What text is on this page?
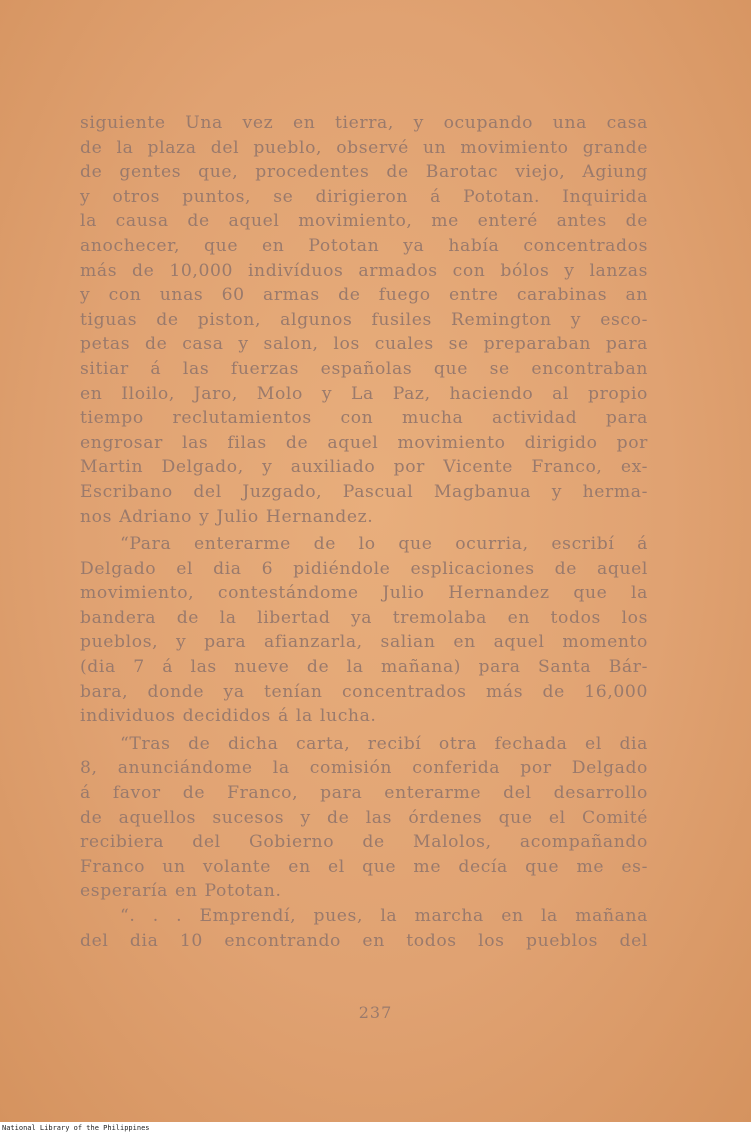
siguiente Una vez en tierra, y ocupando una casa
de la plaza del pueblo, observé un movimiento grande
de gentes que, procedentes de Barotac viejo, Agiung
y otros puntos, se dirigieron á Pototan. Inquirida
la causa de aquel movimiento, me enteré antes de
anochecer, que en Pototan ya había concentrados
más de 10,000 indivíduos armados con bólos y lanzas
y con unas 60 armas de fuego entre carabinas an
tiguas de piston, algunos fusiles Remington y esco-
petas de casa y salon, los cuales se preparaban para
sitiar á las fuerzas españolas que se encontraban
en Iloilo, Jaro, Molo y La Paz, haciendo al propio
tiempo reclutamientos con mucha actividad para
engrosar las filas de aquel movimiento dirigido por
Martin Delgado, y auxiliado por Vicente Franco, ex-
Escribano del Juzgado, Pascual Magbanua y herma-
nos Adriano y Julio Hernandez.
“Para enterarme de lo que ocurria, escribí á
Delgado el dia 6 pidiéndole esplicaciones de aquel
movimiento, contestándome Julio Hernandez que la
bandera de la libertad ya tremolaba en todos los
pueblos, y para afianzarla, salian en aquel momento
(dia 7 á las nueve de la mañana) para Santa Bár-
bara, donde ya tenían concentrados más de 16,000
individuos decididos á la lucha.
“Tras de dicha carta, recibí otra fechada el dia
8, anunciándome la comisión conferida por Delgado
á favor de Franco, para enterarme del desarrollo
de aquellos sucesos y de las órdenes que el Comité
recibiera del Gobierno de Malolos, acompañando
Franco un volante en el que me decía que me es-
esperaría en Pototan.
“. . . Emprendí, pues, la marcha en la mañana
del dia 10 encontrando en todos los pueblos del
237
National Library of the Philippines
